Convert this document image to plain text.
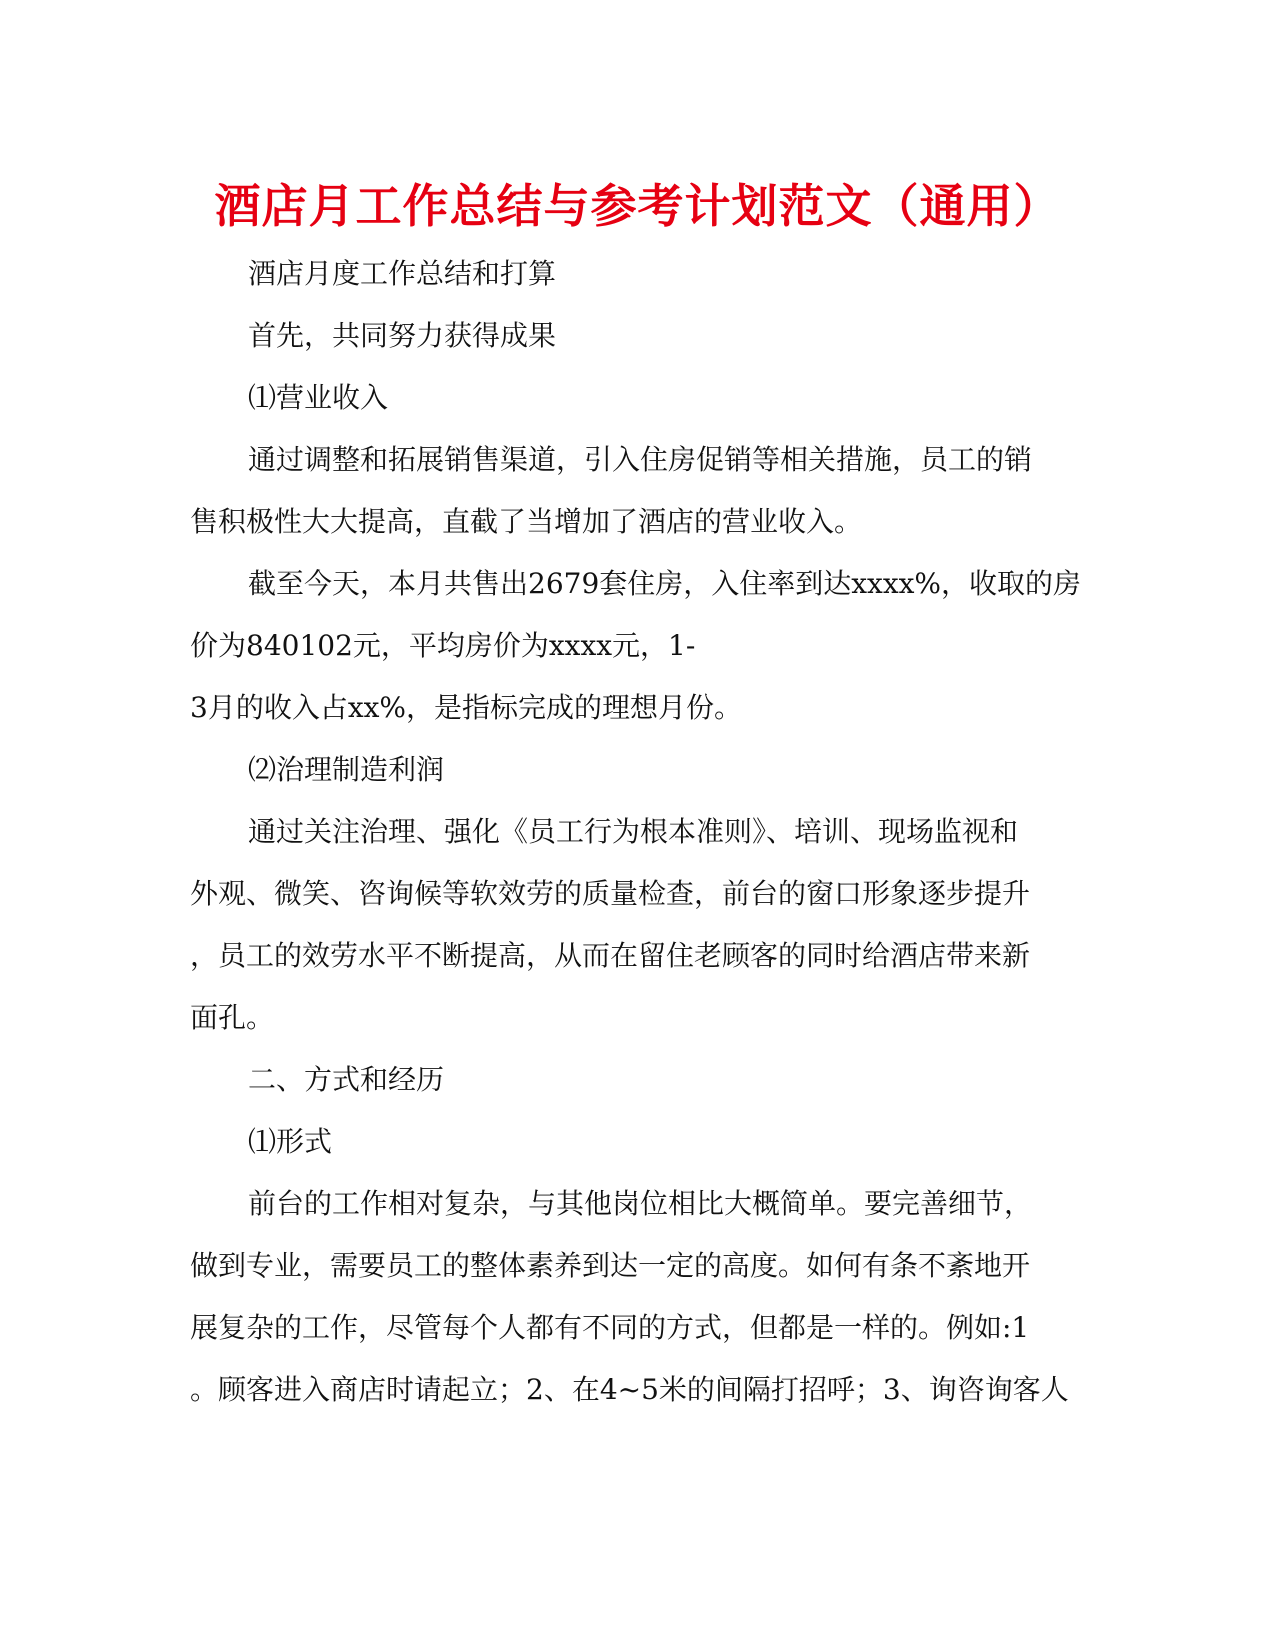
酒店月工作总结与参考计划范文（通用）
酒店月度工作总结和打算
首先，共同努力获得成果
⑴营业收入
通过调整和拓展销售渠道，引入住房促销等相关措施，员工的销
售积极性大大提高，直截了当增加了酒店的营业收入。
截至今天，本月共售出2679套住房，入住率到达xxxx%，收取的房
价为840102元，平均房价为xxxx元，1-
3月的收入占xx%，是指标完成的理想月份。
⑵治理制造利润
通过关注治理、强化《员工行为根本准则》、培训、现场监视和
外观、微笑、咨询候等软效劳的质量检查，前台的窗口形象逐步提升
，员工的效劳水平不断提高，从而在留住老顾客的同时给酒店带来新
面孔。
二、方式和经历
⑴形式
前台的工作相对复杂，与其他岗位相比大概简单。要完善细节，
做到专业，需要员工的整体素养到达一定的高度。如何有条不紊地开
展复杂的工作，尽管每个人都有不同的方式，但都是一样的。例如:1
。顾客进入商店时请起立；2、在4~5米的间隔打招呼；3、询咨询客人
